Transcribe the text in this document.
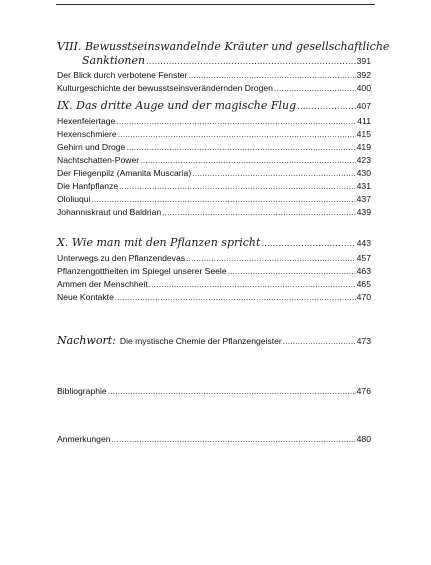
VIII. Bewusstseinswandelnde Kräuter und gesellschaftliche
Sanktionen .....	391
Der Blick durch verbotene Fenster .....	392
Kulturgeschichte der bewusstseinsverändernden Drogen .....	400
IX. Das dritte Auge und der magische Flug .....	407
Hexenfeiertage .....	411
Hexenschmiere .....	415
Gehirn und Droge .....	419
Nachtschatten-Power .....	423
Der Fliegenpilz (Amanita Muscaria) .....	430
Die Hanfpflanze .....	431
Ololiuqui .....	437
Johanniskraut und Baldrian .....	439
X. Wie man mit den Pflanzen spricht .....	443
Unterwegs zu den Pflanzendevas .....	457
Pflanzengottheiten im Spiegel unserer Seele .....	463
Ammen der Menschheit .....	465
Neue Kontakte .....	470
Nachwort: Die mystische Chemie der Pflanzengeister .....	473
Bibliographie .....	476
Anmerkungen .....	480
